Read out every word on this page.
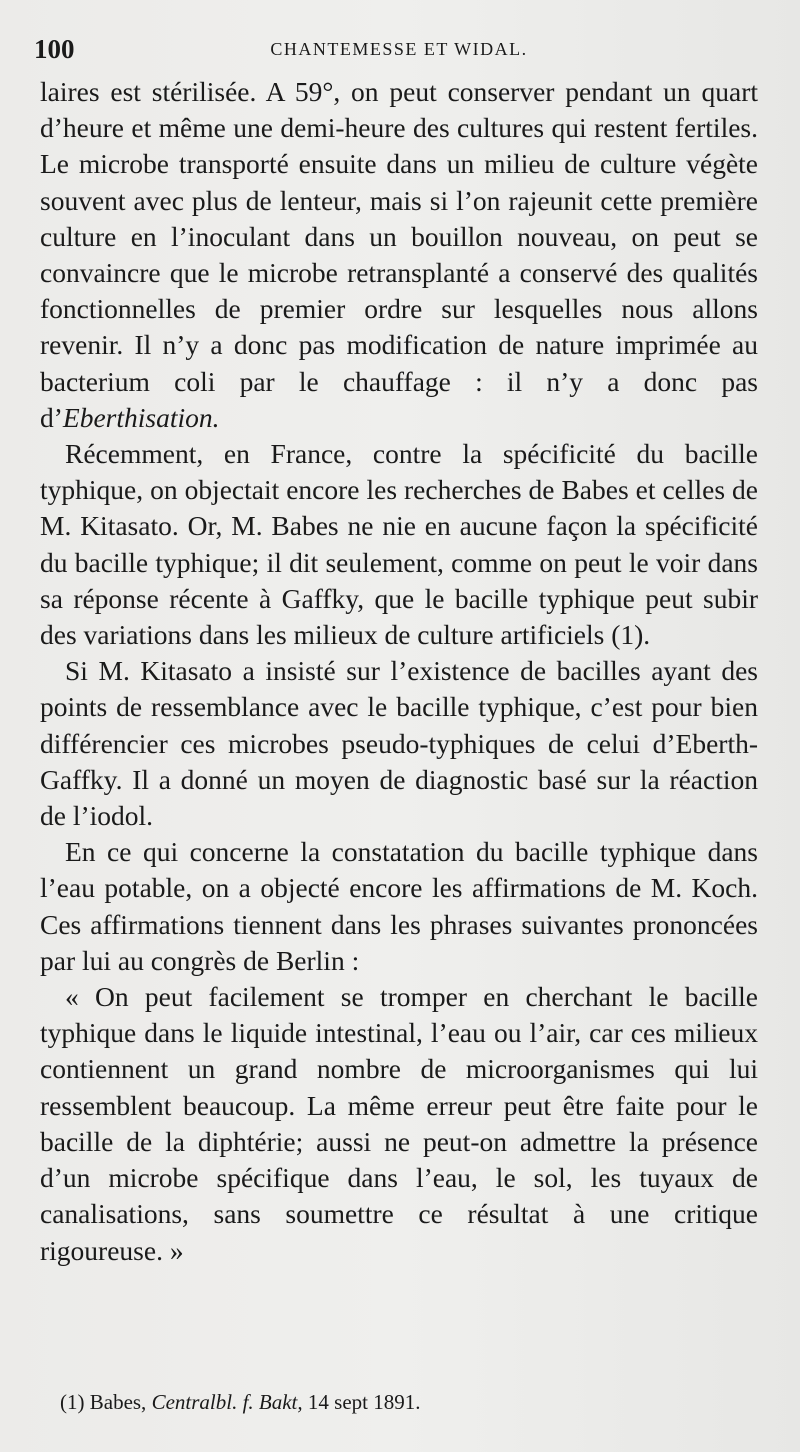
100	CHANTEMESSE ET WIDAL.

laires est stérilisée. A 59°, on peut conserver pendant un quart d’heure et même une demi-heure des cultures qui restent fertiles. Le microbe transporté ensuite dans un milieu de culture végète souvent avec plus de lenteur, mais si l’on rajeunit cette première culture en l’inoculant dans un bouillon nouveau, on peut se convaincre que le microbe retransplanté a conservé des qualités fonctionnelles de premier ordre sur lesquelles nous allons revenir. Il n’y a donc pas modification de nature imprimée au bacterium coli par le chauffage : il n’y a donc pas d’Eberthisation.

Récemment, en France, contre la spécificité du bacille typhique, on objectait encore les recherches de Babes et celles de M. Kitasato. Or, M. Babes ne nie en aucune façon la spécificité du bacille typhique; il dit seulement, comme on peut le voir dans sa réponse récente à Gaffky, que le bacille typhique peut subir des variations dans les milieux de culture artificiels (1).

Si M. Kitasato a insisté sur l’existence de bacilles ayant des points de ressemblance avec le bacille typhique, c’est pour bien différencier ces microbes pseudo-typhiques de celui d’Eberth-Gaffky. Il a donné un moyen de diagnostic basé sur la réaction de l’iodol.

En ce qui concerne la constatation du bacille typhique dans l’eau potable, on a objecté encore les affirmations de M. Koch. Ces affirmations tiennent dans les phrases suivantes prononcées par lui au congrès de Berlin :

« On peut facilement se tromper en cherchant le bacille typhique dans le liquide intestinal, l’eau ou l’air, car ces milieux contiennent un grand nombre de microorganismes qui lui ressemblent beaucoup. La même erreur peut être faite pour le bacille de la diphtérie; aussi ne peut-on admettre la présence d’un microbe spécifique dans l’eau, le sol, les tuyaux de canalisations, sans soumettre ce résultat à une critique rigoureuse. »

(1) Babes, Centralbl. f. Bakt, 14 sept 1891.
